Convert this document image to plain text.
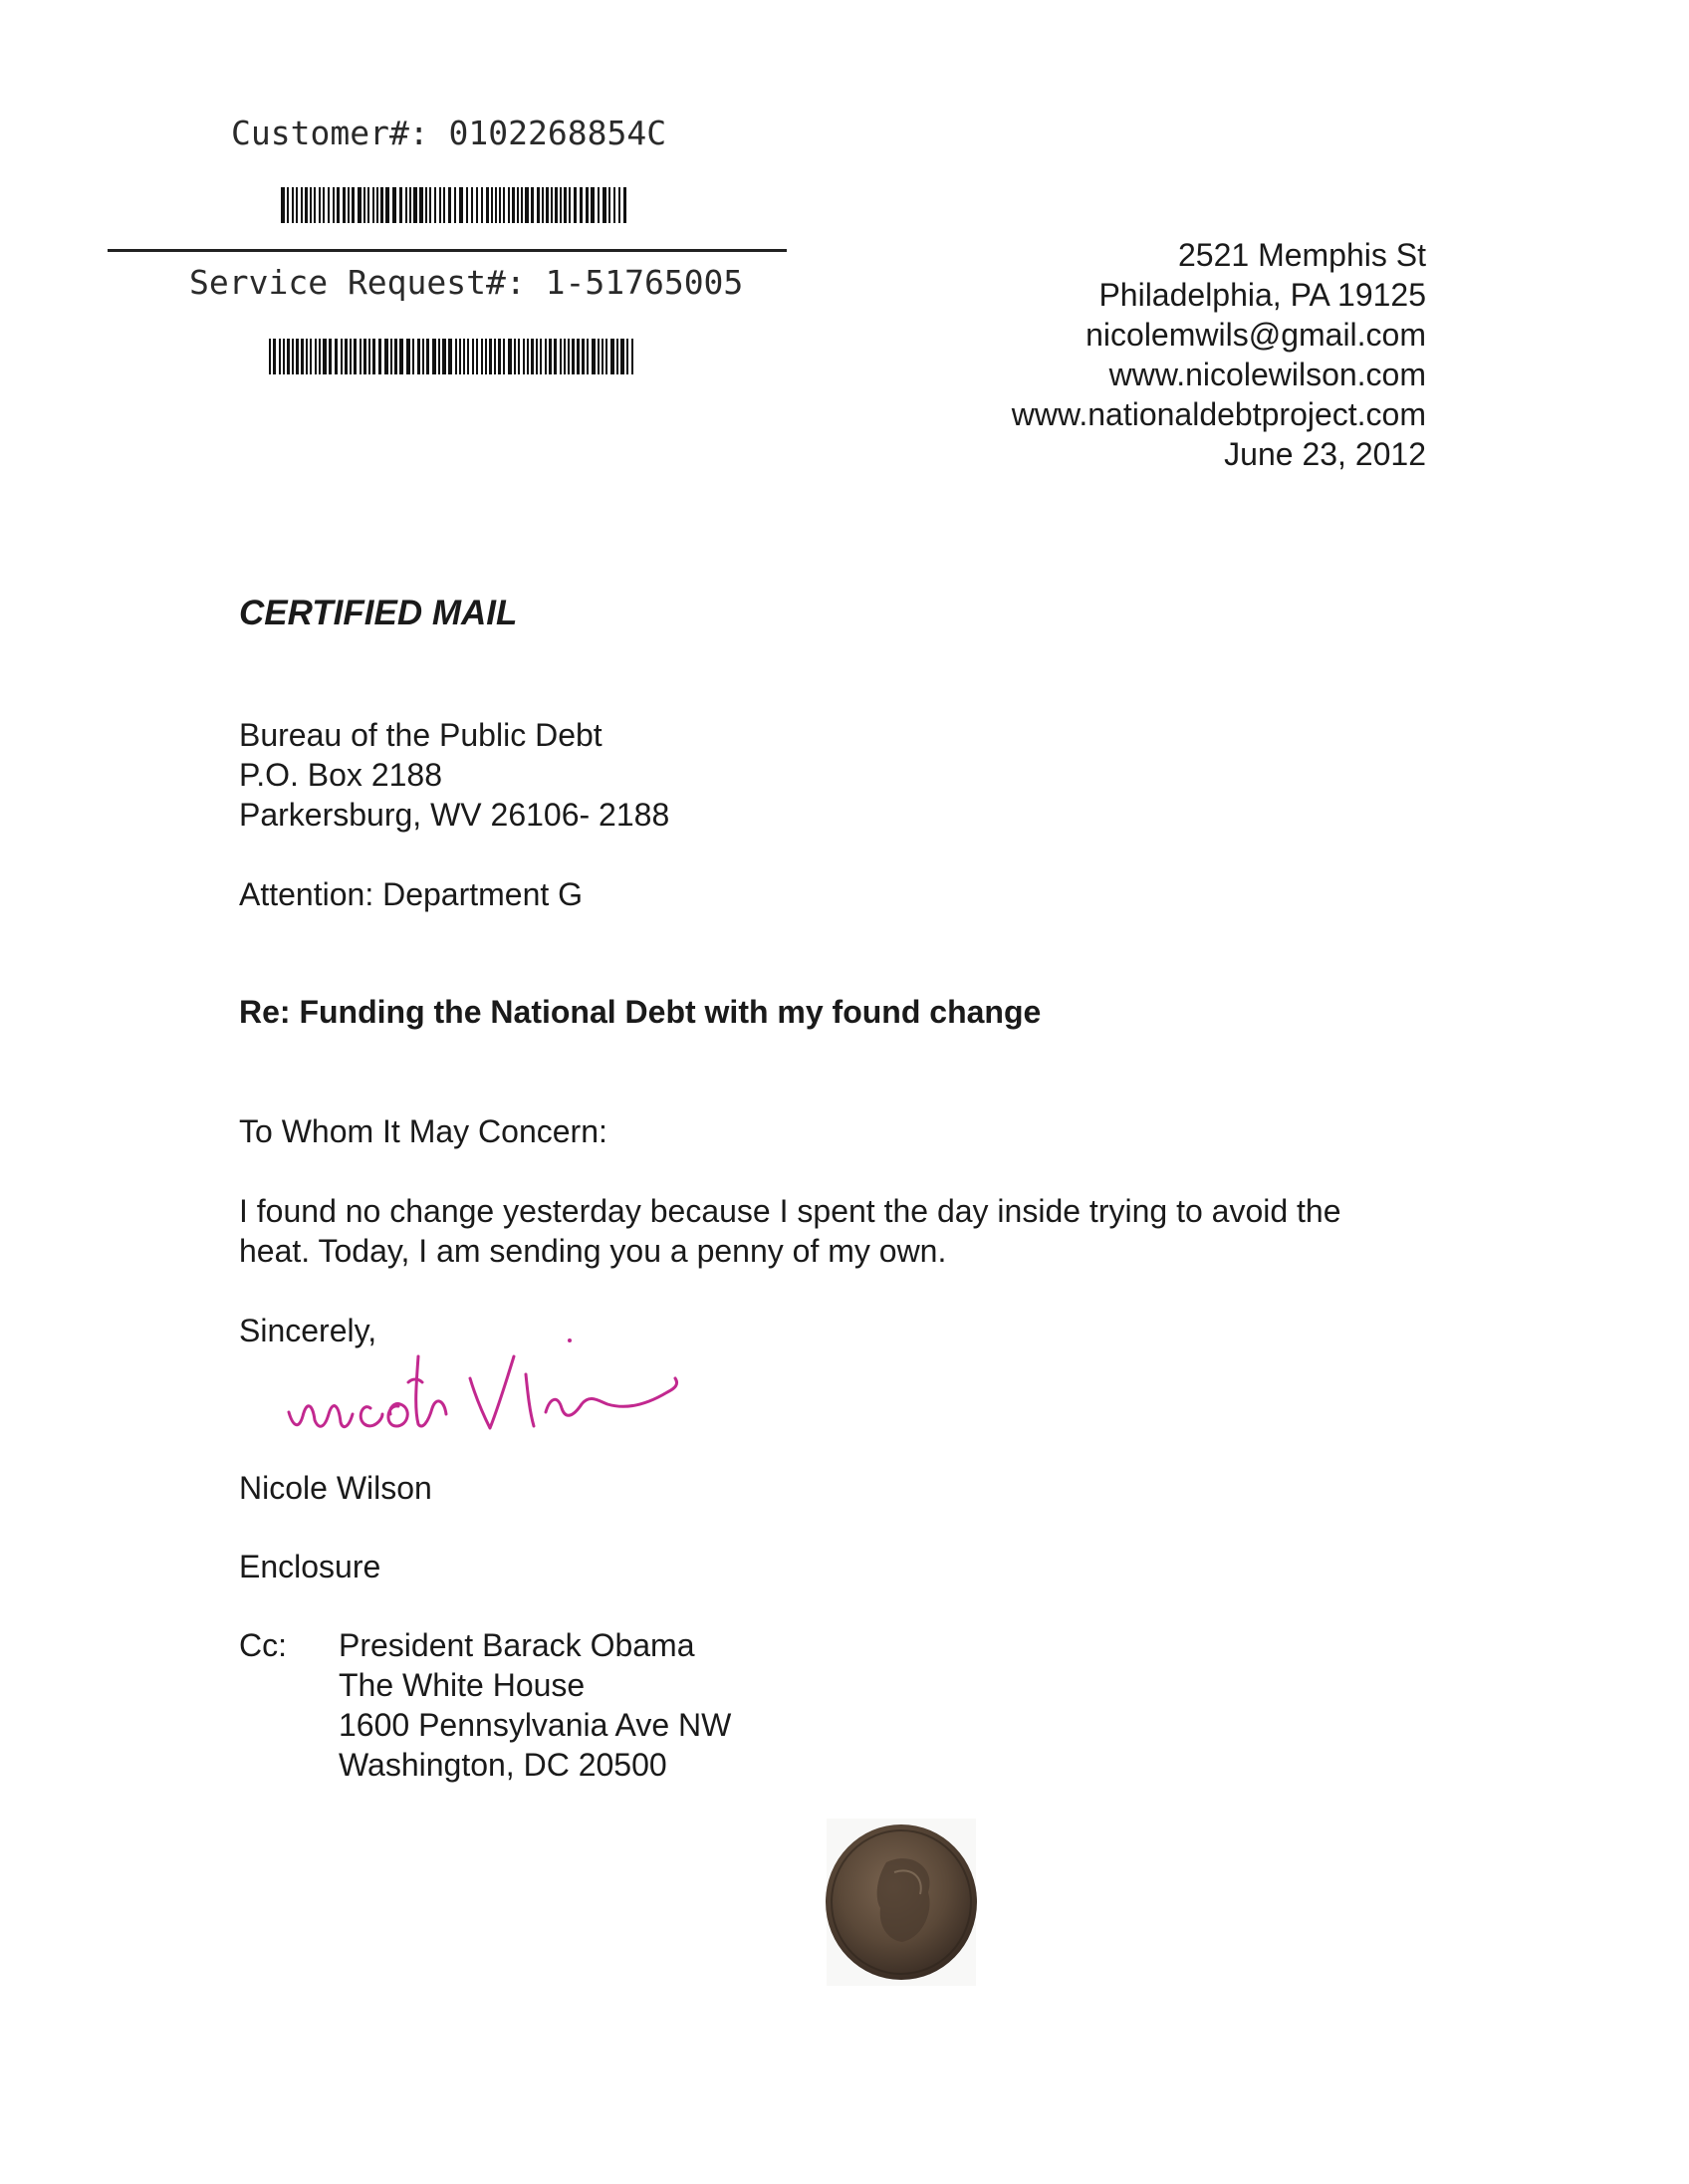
Customer#: 0102268854C
Service Request#: 1-51765005
2521 Memphis St
Philadelphia, PA 19125
nicolemwils@gmail.com
www.nicolewilson.com
www.nationaldebtproject.com
June 23, 2012
CERTIFIED MAIL
Bureau of the Public Debt
P.O. Box 2188
Parkersburg, WV 26106- 2188
Attention: Department G
Re: Funding the National Debt with my found change
To Whom It May Concern:
I found no change yesterday because I spent the day inside trying to avoid the
heat. Today, I am sending you a penny of my own.
Sincerely,
Nicole Wilson
Enclosure
Cc:	President Barack Obama
The White House
1600 Pennsylvania Ave NW
Washington, DC 20500
